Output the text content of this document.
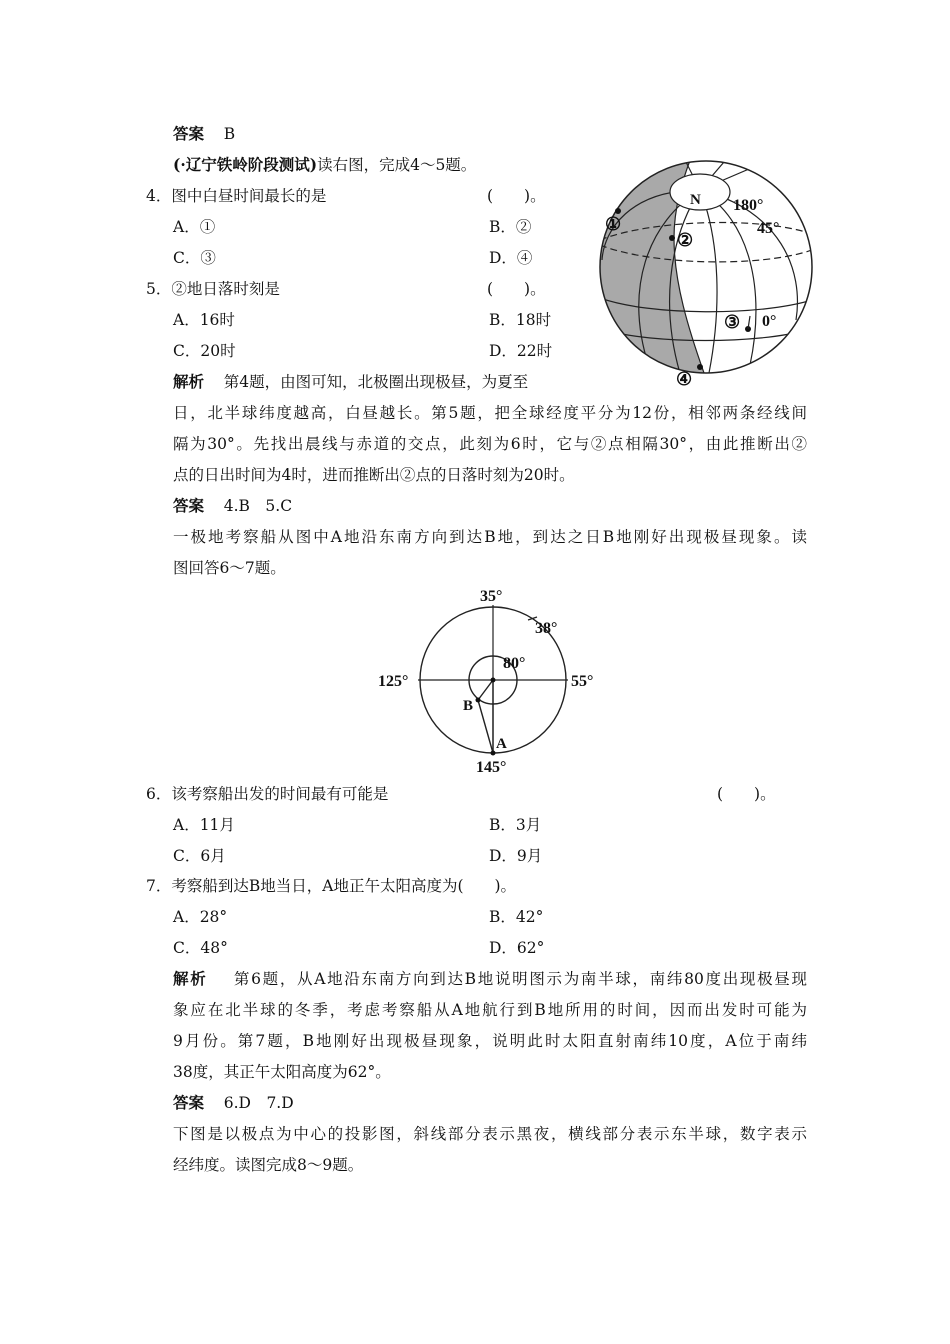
答案 B
(·辽宁铁岭阶段测试)读右图，完成4～5题。
4．图中白昼时间最长的是	(　　)。
A．①	B．②
C．③	D．④
5．②地日落时刻是	(　　)。
A．16时	B．18时
C．20时	D．22时
N 180°
45°
①
②
③ 0°
④
解析 第4题，由图可知，北极圈出现极昼，为夏至
日，北半球纬度越高，白昼越长。第5题，把全球经度平分为12份，相邻两条经线间
隔为30°。先找出晨线与赤道的交点，此刻为6时，它与②点相隔30°，由此推断出②
点的日出时间为4时，进而推断出②点的日落时刻为20时。
答案 4.B　5.C
一极地考察船从图中A地沿东南方向到达B地，到达之日B地刚好出现极昼现象。读
图回答6～7题。
35°
38°
80°
125°	55°
B
A
145°
6．该考察船出发的时间最有可能是	(　　)。
A．11月	B．3月
C．6月	D．9月
7．考察船到达B地当日，A地正午太阳高度为(　　)。
A．28°	B．42°
C．48°	D．62°
解析 第6题，从A地沿东南方向到达B地说明图示为南半球，南纬80度出现极昼现
象应在北半球的冬季，考虑考察船从A地航行到B地所用的时间，因而出发时可能为
9月份。第7题，B地刚好出现极昼现象，说明此时太阳直射南纬10度，A位于南纬
38度，其正午太阳高度为62°。
答案 6.D　7.D
下图是以极点为中心的投影图，斜线部分表示黑夜，横线部分表示东半球，数字表示
经纬度。读图完成8～9题。
